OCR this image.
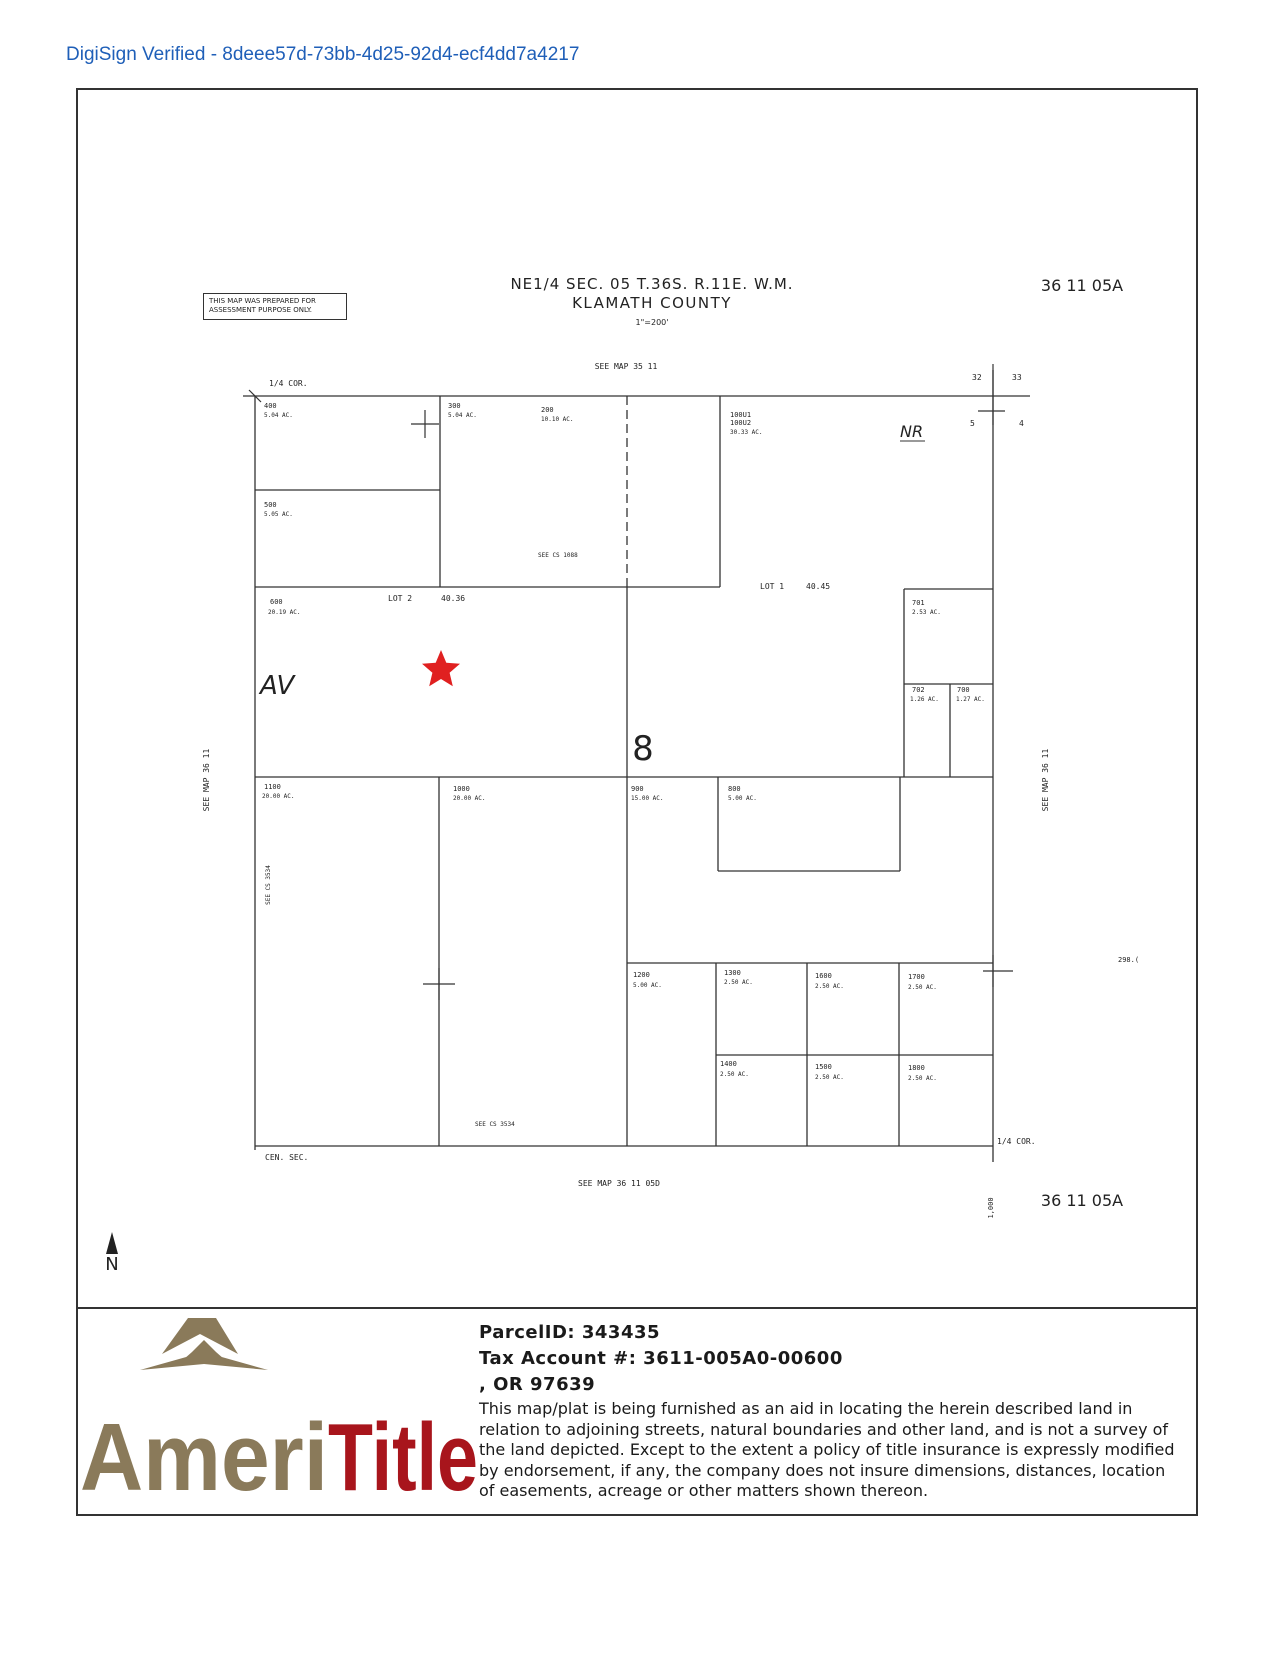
DigiSign Verified - 8deee57d-73bb-4d25-92d4-ecf4dd7a4217
THIS MAP WAS PREPARED FOR ASSESSMENT PURPOSE ONLY.
NE1/4 SEC. 05 T.36S. R.11E. W.M.
KLAMATH COUNTY
1"=200'
36 11 05A
36 11 05A
SEE MAP 35 11
SEE MAP 36 11 05D
SEE MAP 36 11	SEE MAP 36 11
1/4 COR.
1/4 COR.
CEN. SEC.
32	33
5	4
NR
AV
LOT 1	40.45
LOT 2	40.36
8
SEE CS 1088
SEE CS 3534
SEE CS 3534
298.(
1,000
400
5.04 AC.
300
5.04 AC.
200
10.10 AC.
100U1
100U2
30.33 AC.
500
5.05 AC.
600
20.19 AC.
701
2.53 AC.
702
1.26 AC.
700
1.27 AC.
1100
20.00 AC.
1000
20.00 AC.
900
15.00 AC.
800
5.00 AC.
1200
5.00 AC.
1300
2.50 AC.
1600
2.50 AC.
1700
2.50 AC.
1400
2.50 AC.
1500
2.50 AC.
1800
2.50 AC.
N
Ameri Title
ParcelID: 343435
Tax Account #: 3611-005A0-00600
, OR 97639
This map/plat is being furnished as an aid in locating the herein described land in relation to adjoining streets, natural boundaries and other land, and is not a survey of the land depicted. Except to the extent a policy of title insurance is expressly modified by endorsement, if any, the company does not insure dimensions, distances, location of easements, acreage or other matters shown thereon.
